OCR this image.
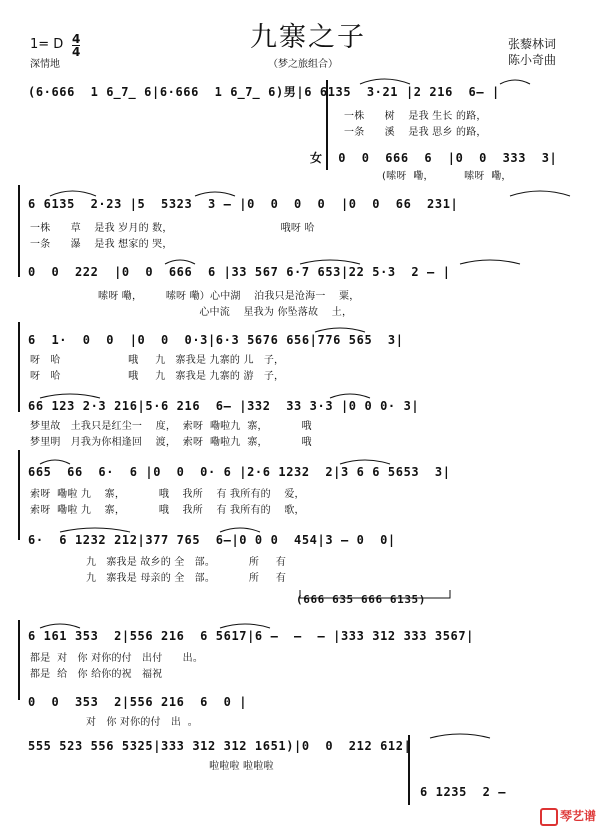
1= D 4
4	九寨之子	张藜林词
陈小奇曲
深情地	（梦之旅组合）
(6·666  1 6̲7̲ 6|6·666  1 6̲7̲ 6)男|6 6135  3·21 |2 216  6– |
一株      树    是我 生长 的路，
一条      溪    是我 思乡 的路，
女  0  0  666  6  |0  0  333  3|
(嗦呀  嘞，         嗦呀  嘞，
6 6135  2·23 |5  5323  3 – |0  0  0  0  |0  0  66  231|
一株      草    是我 岁月的 数，                                哦呀 哈
一条      瀑    是我 想家的 哭，
0  0  222  |0  0  666  6 |33 567 6·7 653|22 5·3  2 – |
嗦呀 嘞，       嗦呀 嘞）心中湖    泊我只是沧海一    粟，
心中流    星我为 你坠落故    土，
6  1·  0  0  |0  0  0·3|6·3 5676 656|776 565  3|
呀   哈                    哦     九   寨我是 九寨的 儿   子，
呀   哈                    哦     九   寨我是 九寨的 游   子，
66 123 2·3 216|5·6 216  6– |332  33 3·3 |0 0 0· 3|
梦里故   土我只是红尘一    度，  索呀  嘞啦九  寨，          哦
梦里明   月我为你相逢回    渡，  索呀  嘞啦九  寨，          哦
665  66  6·  6 |0  0  0· 6 |2·6 1232  2|3 6 6 5653  3|
索呀  嘞啦 九    寨，          哦    我所    有 我所有的    爱，
索呀  嘞啦 九    寨，          哦    我所    有 我所有的    歌，
6·  6 1232 212|377 765  6–|0 0 0  454|3 – 0  0|
九   寨我是 故乡的 全   部。          所     有
九   寨我是 母亲的 全   部。          所     有
(666 635 666 6135)
6 161 353  2|556 216  6 5617|6 –  –  – |333 312 333 3567|
都是  对   你 对你的付   出付      出。
都是  给   你 给你的祝   福祝
0  0  353  2|556 216  6  0 |
对   你 对你的付   出  。
555 523 556 5325|333 312 312 1651)|0  0  212 612|
啦啦啦 啦啦啦
6 1235  2 –
琴艺谱
